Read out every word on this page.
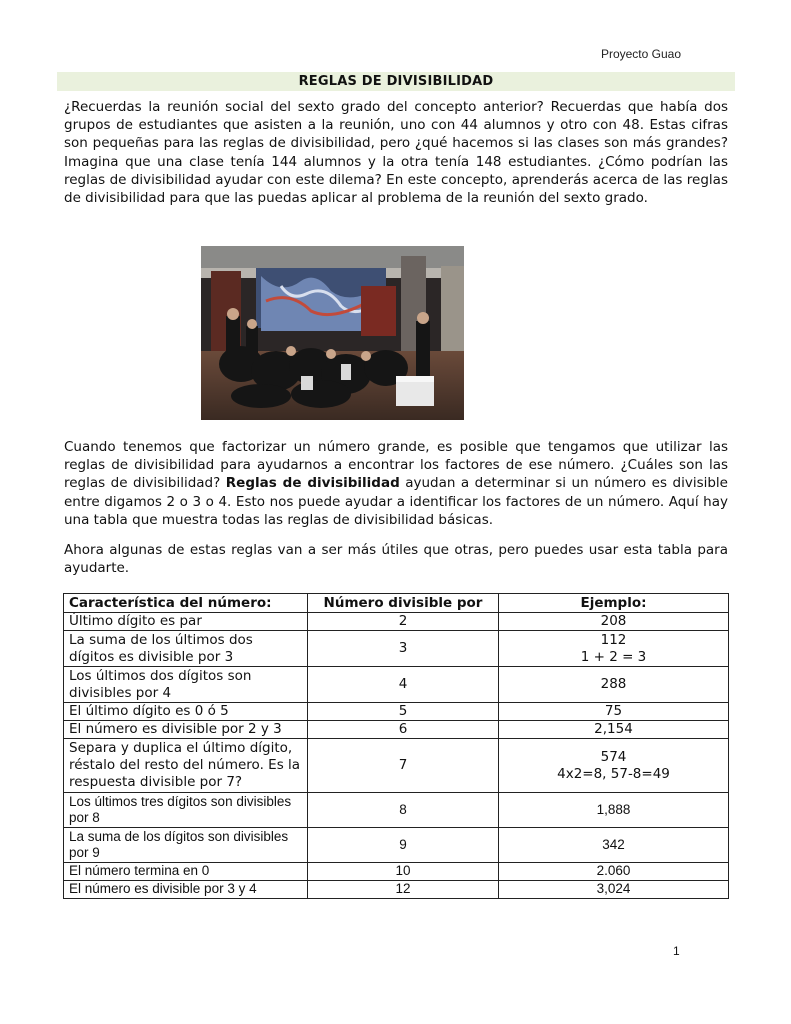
Proyecto Guao
REGLAS DE DIVISIBILIDAD
¿Recuerdas la reunión social del sexto grado del concepto anterior? Recuerdas que había dos grupos de estudiantes que asisten a la reunión, uno con 44 alumnos y otro con 48. Estas cifras son pequeñas para las reglas de divisibilidad, pero ¿qué hacemos si las clases son más grandes? Imagina que una clase tenía 144 alumnos y la otra tenía 148 estudiantes. ¿Cómo podrían las reglas de divisibilidad ayudar con este dilema? En este concepto, aprenderás acerca de las reglas de divisibilidad para que las puedas aplicar al problema de la reunión del sexto grado.
Cuando tenemos que factorizar un número grande, es posible que tengamos que utilizar las reglas de divisibilidad para ayudarnos a encontrar los factores de ese número. ¿Cuáles son las reglas de divisibilidad? Reglas de divisibilidad ayudan a determinar si un número es divisible entre digamos 2 o 3 o 4. Esto nos puede ayudar a identificar los factores de un número. Aquí hay una tabla que muestra todas las reglas de divisibilidad básicas.
Ahora algunas de estas reglas van a ser más útiles que otras, pero puedes usar esta tabla para ayudarte.
Característica del número:	Número divisible por	Ejemplo:
Último dígito es par	2	208
La suma de los últimos dos dígitos es divisible por 3	3	112
1 + 2 = 3

Los últimos dos dígitos son divisibles por 4	4	288
El último dígito es 0 ó 5	5	75
El número es divisible por 2 y 3	6	2,154
Separa y duplica el último dígito, réstalo del resto del número. Es la respuesta divisible por 7?	7	574
4x2=8, 57-8=49

Los últimos tres dígitos son divisibles por 8	8	1,888
La suma de los dígitos son divisibles por 9	9	342
El número termina en 0	10	2.060
El número es divisible por 3 y 4	12	3,024
1
